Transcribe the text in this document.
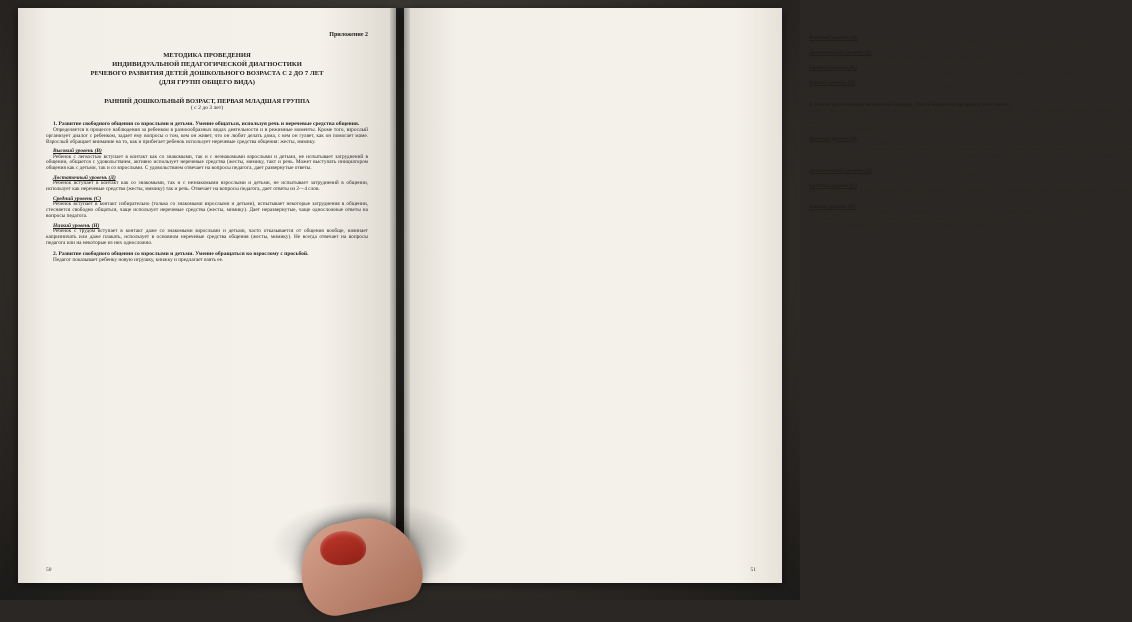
Приложение 2
МЕТОДИКА ПРОВЕДЕНИЯ
ИНДИВИДУАЛЬНОЙ ПЕДАГОГИЧЕСКОЙ ДИАГНОСТИКИ
РЕЧЕВОГО РАЗВИТИЯ ДЕТЕЙ ДОШКОЛЬНОГО ВОЗРАСТА С 2 ДО 7 ЛЕТ
(ДЛЯ ГРУПП ОБЩЕГО ВИДА)
РАННИЙ ДОШКОЛЬНЫЙ ВОЗРАСТ, ПЕРВАЯ МЛАДШАЯ ГРУППА
( с 2 до 3 лет)

1. Развитие свободного общения со взрослыми и детьми. Умение общаться, используя речь и неречевые средства общения.

Определяется в процессе наблюдения за ребенком в разноообразных видах деятельности и в режимные моменты. Кроме того, взрослый организует диалог с ребенком, задает ему вопросы о том, кем он живет, что он любит делать дома, с кем он гуляет, как он помогает маме. Взрослый обращает внимание на то, как и прибегает ребенок использует неречевые средства общения: жесты, мимику.

Высокий уровень (В)

Ребенок с легкостью вступает в контакт как со знакомыми, так и с незнакомыми взрослыми и детьми, не испытывает затруднений в общении, общается с удовольствием, активно использует неречевые средства (жесты, мимику, такт и речь. Может выступать инициатором общения как с детьми, так и со взрослыми. С удовольствием отвечает на вопросы педагога, дает развернутые ответы.

Достаточный уровень (Д)

Ребенок вступает в контакт как со знакомыми, так и с незнакомыми взрослыми и детьми, не испытывает затруднений в общении, использует как неречевые средства (жесты, мимику) так и речь. Отвечает на вопросы педагога, дает ответы из 2—4 слов.

Средний уровень (С)

Ребенок вступает в контакт избирательно (только со знакомыми взрослыми и детьми), испытывает некоторые затруднения в общении, стесняется свободно общаться, чаще использует неречевые средства (жесты, мимику). Дает неразвернутые, чаще односложные ответы на вопросы педагога.

Низкий уровень (Н)

Ребенок с трудом вступает в контакт даже со знакомыми взрослыми и детьми, часто отказывается от общения вообще, начинает капризничать или даже плакать, использует в основном неречевые средства общения (жесты, мимику). Не всегда отвечает на вопросы педагога или на некоторые из них односложно.

2. Развитие свободного общения со взрослыми и детьми. Умение обращаться ко взрослому с просьбой.

Педагог показывает ребенку новую игрушку, книжку и предлагает взять ее.

50

Высокий уровень (В)

Ребенок без промедления с улыбкой обращается ко взрослому с просьбой: «Анна Сергеевна, дайте мне мишку (книжку), пожалуйста».

Достаточный уровень (Д)

Ребенок обращается ко взрослому с просьбой: «Тетя, дайте мне мишку (книжку)».

Средний уровень (С)

Ребенок не сразу обращается ко взрослому с просьбой, стесняется, мнется, потом говорит: «Дай мне мишку (книжку)».

Низкий уровень (Н)

Ребенок не желает выполнять задание взрослого, отворачивается, капризничает, наконец, может показать жестом, что ему нужна игрушка, или сказать: «Дай!»

3. Иметь достаточный активный словарь. Уметь называть предметы и их части.

Педагог показывает ребенку 12 предметных картинок по лексическим темам «Игрушки», «Посуда», «Одежда», «Обувь», выкладывая их на стол по три штуки, и просит ребенка сказать, что нарисовано на картинке. Затем показывает куклу и просит назвать части тела и лица куклы (голова, руки, ноги, живот, глаза, нос, рот), задавая вопрос: «Что это у куклы?» Далее педагог показывает машинку и просит назвать ее части (кабину, кузов, колеса), задавая вопрос: «Что это у машинки?»

Высокий уровень (В)

Ребенок сразу же без затруднений правильно называет все предложенные картинки. Называя картинки, сообщает какие-то дополнительные сведения. Например: «У кошки моей есть такая же чашка. Я мяч есть такая машина дому». Не затрудняется в названии частей тела и лица куклы и частей машины, не допускает ошибок, сообщает дополнительные сведения. Например: «А еще у куклы есть уши. Вот они. А у машины есть руль. Я моего папы в машине тоже есть руль».

Достаточный уровень (Д)

Ребенок называет все предложенные картинки, не испытывает затруднений в названии частей тела и лица куклы, частей машины.

Средний уровень (С)

Ребенок допускает отдельные ошибки, называет неправильно 1—2 картинки из всех предложенных или затрудняется называть их. Называет части тела и лица куклы, части машины, допуская при этом 1—2 ошибки.

Низкий уровень (Н)

Ребенок не желает выполнять задание, капризничает, но затем пытается называть некоторые картинки, допуская при этом 6—8 ошибок.

Возможно, что ребенок может повторить названия картинок вслед за взрослым. Части тела и лица куклы и части машины тоже не может называть, называет неправильно (4—6 ошибок) или только повторяет вслед за взрослым.

51
